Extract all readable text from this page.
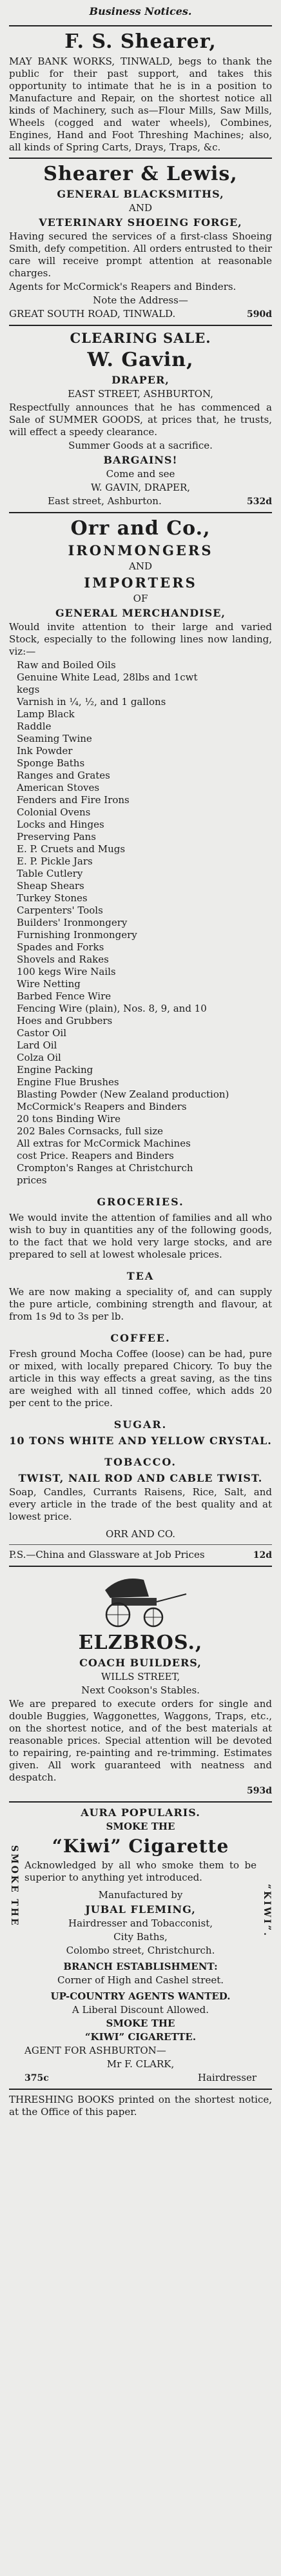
Business Notices.
F. S. Shearer,
MAY BANK WORKS, TINWALD, begs to thank the public for their past support, and takes this opportunity to intimate that he is in a position to Manufacture and Repair, on the shortest notice all kinds of Machinery, such as—Flour Mills, Saw Mills, Wheels (cogged and water wheels), Combines, Engines, Hand and Foot Threshing Machines; also, all kinds of Spring Carts, Drays, Traps, &c.
Shearer & Lewis,
GENERAL BLACKSMITHS,
AND
VETERINARY SHOEING FORGE,
Having secured the services of a first-class Shoeing Smith, defy competition. All orders entrusted to their care will receive prompt attention at reasonable charges.
Agents for McCormick's Reapers and Binders.
Note the Address—
GREAT SOUTH ROAD, TINWALD.	590d
CLEARING SALE.
W. Gavin,
DRAPER,
EAST STREET, ASHBURTON,
Respectfully announces that he has commenced a Sale of SUMMER GOODS, at prices that, he trusts, will effect a speedy clearance.
Summer Goods at a sacrifice.
BARGAINS!
Come and see
W. GAVIN, DRAPER,
East street, Ashburton.	532d
Orr and Co.,
IRONMONGERS
AND
IMPORTERS
OF
GENERAL MERCHANDISE,
Would invite attention to their large and varied Stock, especially to the following lines now landing, viz:—
Raw and Boiled Oils
Genuine White Lead, 28lbs and 1cwt
kegs
Varnish in ¼, ½, and 1 gallons
Lamp Black
Raddle
Seaming Twine
Ink Powder
Sponge Baths
Ranges and Grates
American Stoves
Fenders and Fire Irons
Colonial Ovens
Locks and Hinges
Preserving Pans
E. P. Cruets and Mugs
E. P. Pickle Jars
Table Cutlery
Sheap Shears
Turkey Stones
Carpenters' Tools
Builders' Ironmongery
Furnishing Ironmongery
Spades and Forks
Shovels and Rakes
100 kegs Wire Nails
Wire Netting
Barbed Fence Wire
Fencing Wire (plain), Nos. 8, 9, and 10
Hoes and Grubbers
Castor Oil
Lard Oil
Colza Oil
Engine Packing
Engine Flue Brushes
Blasting Powder (New Zealand production)
McCormick's Reapers and Binders
20 tons Binding Wire
202 Bales Cornsacks, full size
All extras for McCormick Machines
cost Price. Reapers and Binders
Crompton's Ranges at Christchurch
prices
GROCERIES.
We would invite the attention of families and all who wish to buy in quantities any of the following goods, to the fact that we hold very large stocks, and are prepared to sell at lowest wholesale prices.
TEA
We are now making a speciality of, and can supply the pure article, combining strength and flavour, at from 1s 9d to 3s per lb.
COFFEE.
Fresh ground Mocha Coffee (loose) can be had, pure or mixed, with locally prepared Chicory. To buy the article in this way effects a great saving, as the tins are weighed with all tinned coffee, which adds 20 per cent to the price.
SUGAR.
10 TONS WHITE AND YELLOW CRYSTAL.
TOBACCO.
TWIST, NAIL ROD AND CABLE TWIST.
Soap, Candles, Currants Raisens, Rice, Salt, and every article in the trade of the best quality and at lowest price.
ORR AND CO.
P.S.—China and Glassware at Job Prices	12d
ELZBROS.,
COACH BUILDERS,
WILLS STREET,
Next Cookson's Stables.
We are prepared to execute orders for single and double Buggies, Waggonettes, Waggons, Traps, etc., on the shortest notice, and of the best materials at reasonable prices. Special attention will be devoted to repairing, re-painting and re-trimming. Estimates given. All work guaranteed with neatness and despatch.
593d
SMOKE THE	“KIWI”.
AURA POPULARIS.
SMOKE THE
“Kiwi” Cigarette
Acknowledged by all who smoke them to be superior to anything yet introduced.
Manufactured by
JUBAL FLEMING,
Hairdresser and Tobacconist,
City Baths,
Colombo street, Christchurch.
BRANCH ESTABLISHMENT:
Corner of High and Cashel street.
UP-COUNTRY AGENTS WANTED.
A Liberal Discount Allowed.
SMOKE THE
“KIWI” CIGARETTE.
AGENT FOR ASHBURTON—
Mr F. CLARK,
375c	Hairdresser
THRESHING BOOKS printed on the shortest notice, at the Office of this paper.
